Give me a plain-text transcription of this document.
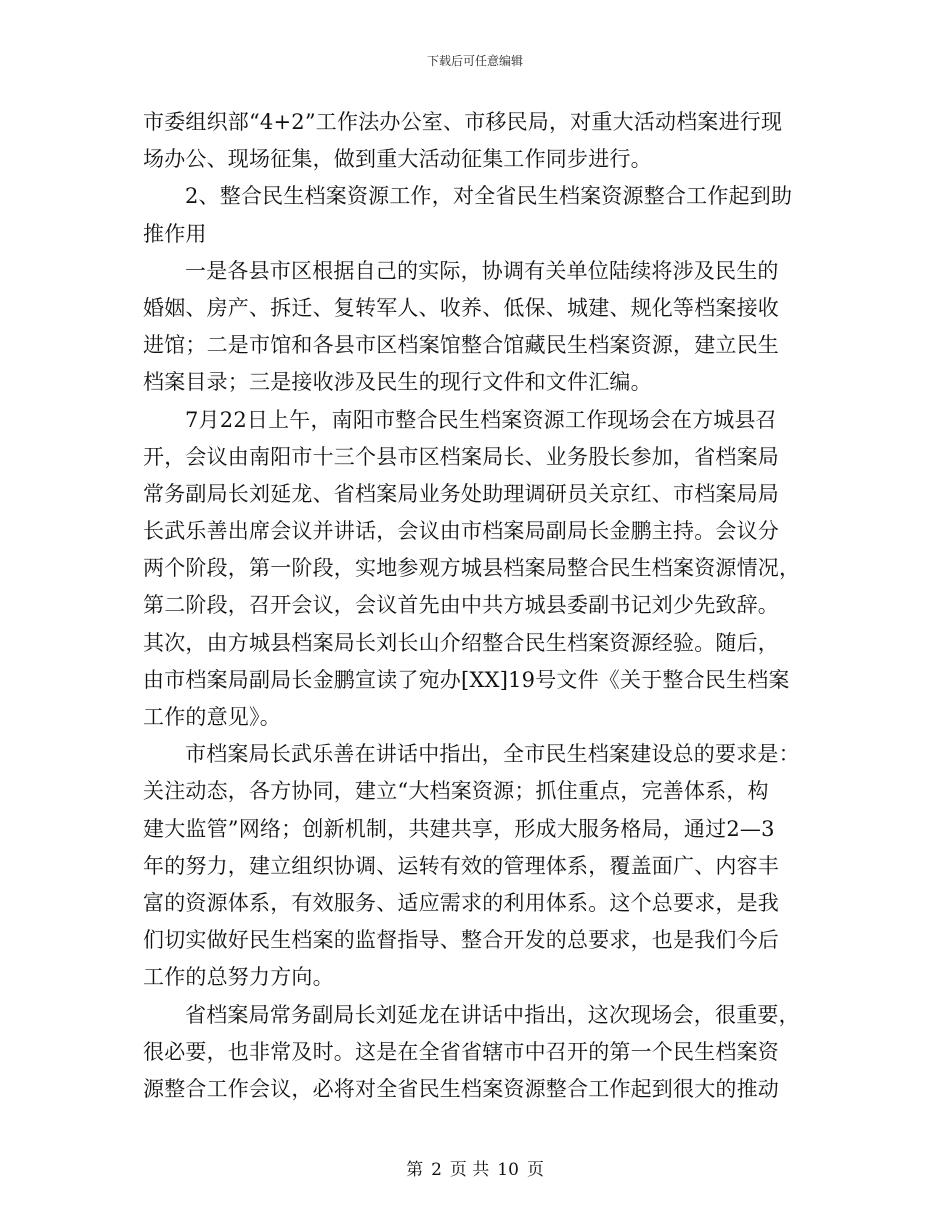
下载后可任意编辑
市委组织部“4+2”工作法办公室、市移民局，对重大活动档案进行现
场办公、现场征集，做到重大活动征集工作同步进行。
2、整合民生档案资源工作，对全省民生档案资源整合工作起到助
推作用
一是各县市区根据自己的实际，协调有关单位陆续将涉及民生的
婚姻、房产、拆迁、复转军人、收养、低保、城建、规化等档案接收
进馆；二是市馆和各县市区档案馆整合馆藏民生档案资源，建立民生
档案目录；三是接收涉及民生的现行文件和文件汇编。
7月22日上午，南阳市整合民生档案资源工作现场会在方城县召
开，会议由南阳市十三个县市区档案局长、业务股长参加，省档案局
常务副局长刘延龙、省档案局业务处助理调研员关京红、市档案局局
长武乐善出席会议并讲话，会议由市档案局副局长金鹏主持。会议分
两个阶段，第一阶段，实地参观方城县档案局整合民生档案资源情况，
第二阶段，召开会议，会议首先由中共方城县委副书记刘少先致辞。
其次，由方城县档案局长刘长山介绍整合民生档案资源经验。随后，
由市档案局副局长金鹏宣读了宛办[XX]19号文件《关于整合民生档案
工作的意见》。
市档案局长武乐善在讲话中指出，全市民生档案建设总的要求是：
关注动态，各方协同，建立“大档案资源；抓住重点，完善体系，构
建大监管”网络；创新机制，共建共享，形成大服务格局，通过2—3
年的努力，建立组织协调、运转有效的管理体系，覆盖面广、内容丰
富的资源体系，有效服务、适应需求的利用体系。这个总要求，是我
们切实做好民生档案的监督指导、整合开发的总要求，也是我们今后
工作的总努力方向。
省档案局常务副局长刘延龙在讲话中指出，这次现场会，很重要，
很必要，也非常及时。这是在全省省辖市中召开的第一个民生档案资
源整合工作会议，必将对全省民生档案资源整合工作起到很大的推动
第 2 页 共 10 页
